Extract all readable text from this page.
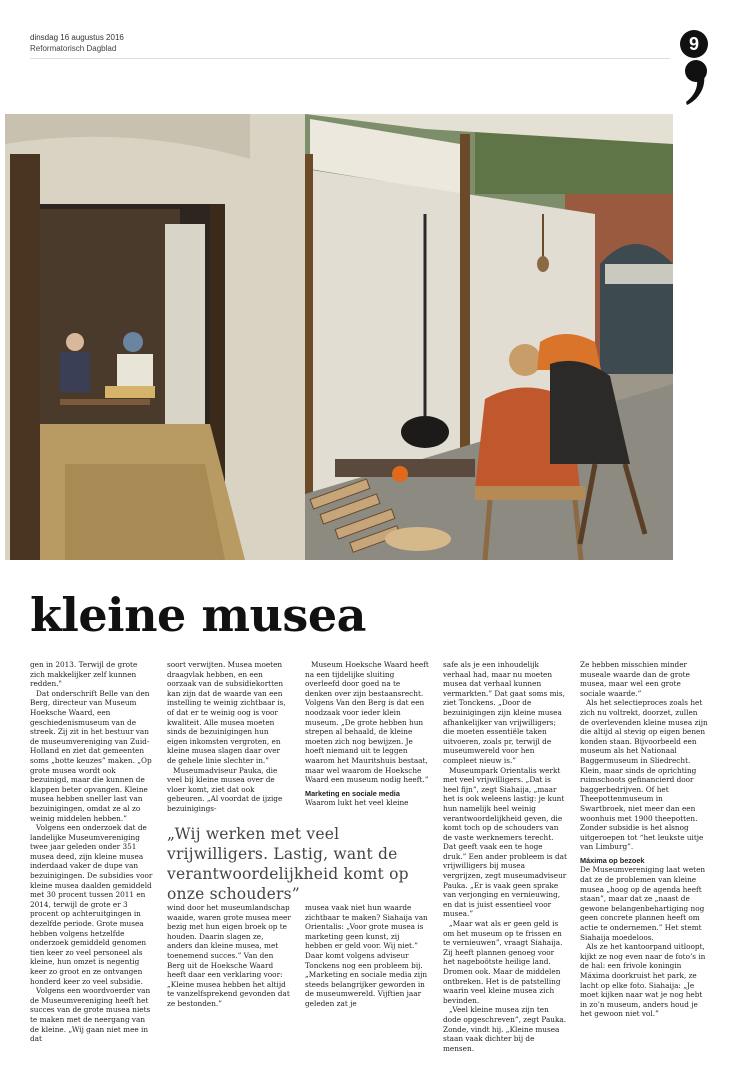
dinsdag 16 augustus 2016
Reformatorisch Dagblad	9
kleine musea

gen in 2013. Terwijl de grote zich makkelijker zelf kunnen redden."

Dat onderschrift Belle van den Berg, directeur van Museum Hoeksche Waard, een geschiedenismuseum van de streek. Zij zit in het bestuur van de museumvereniging van Zuid-Holland en ziet dat gemeenten soms „botte keuzes” maken. „Op grote musea wordt ook bezuinigd, maar die kunnen de klappen beter opvangen. Kleine musea hebben sneller last van bezuinigingen, omdat ze al zo weinig middelen hebben.”

Volgens een onderzoek dat de landelijke Museumvereniging twee jaar geleden onder 351 musea deed, zijn kleine musea inderdaad vaker de dupe van bezuinigingen. De subsidies voor kleine musea daalden gemiddeld met 30 procent tussen 2011 en 2014, terwijl de grote er 3 procent op achteruitgingen in dezelfde periode. Grote musea hebben volgens hetzelfde onderzoek gemiddeld genomen tien keer zo veel personeel als kleine, hun omzet is negentig keer zo groot en ze ontvangen honderd keer zo veel subsidie.

Volgens een woordvoerder van de Museumvereniging heeft het succes van de grote musea niets te maken met de neergang van de kleine. „Wij gaan niet mee in dat

soort verwijten. Musea moeten draagvlak hebben, en een oorzaak van de subsidiekortten kan zijn dat de waarde van een instelling te weinig zichtbaar is, of dat er te weinig oog is voor kwaliteit. Alle musea moeten sinds de bezuinigingen hun eigen inkomsten vergroten, en kleine musea slagen daar over de gehele linie slechter in.”

Museumadviseur Pauka, die veel bij kleine musea over de vloer komt, ziet dat ook gebeuren. „Al voordat de ijzige bezuinigings-

Museum Hoeksche Waard heeft na een tijdelijke sluiting overleefd door goed na te denken over zijn bestaansrecht. Volgens Van den Berg is dat een noodzaak voor ieder klein museum. „De grote hebben hun strepen al behaald, de kleine moeten zich nog bewijzen. Je hoeft niemand uit te leggen waarom het Mauritshuis bestaat, maar wel waarom de Hoeksche Waard een museum nodig heeft.”

Marketing en sociale media

Waarom lukt het veel kleine

„Wij werken met veel vrijwilligers. Lastig, want de verantwoordelijkheid komt op onze schouders”

wind door het museumlandschap waaide, waren grote musea meer bezig met hun eigen broek op te houden. Daarin slagen ze, anders dan kleine musea, met toenemend succes.” Van den Berg uit de Hoeksche Waard heeft daar een verklaring voor: „Kleine musea hebben het altijd te vanzelfsprekend gevonden dat ze bestonden.”

musea vaak niet hun waarde zichtbaar te maken? Siahaija van Orientalis: „Voor grote musea is marketing geen kunst, zij hebben er geld voor. Wij niet.” Daar komt volgens adviseur Tonckens nog een probleem bij. „Marketing en sociale media zijn steeds belangrijker geworden in de museumwereld. Vijftien jaar geleden zat je

safe als je een inhoudelijk verhaal had, maar nu moeten musea dat verhaal kunnen vermarkten.” Dat gaat soms mis, ziet Tonckens. „Door de bezuinigingen zijn kleine musea afhankelijker van vrijwilligers; die moeten essentiële taken uitvoeren, zoals pr, terwijl de museumwereld voor hen compleet nieuw is.”

Museumpark Orientalis werkt met veel vrijwilligers. „Dat is heel fijn”, zegt Siahaija, „maar het is ook weleens lastig: je kunt hun namelijk heel weinig verantwoordelijkheid geven, die komt toch op de schouders van de vaste werknemers terecht. Dat geeft vaak een te hoge druk.” Een ander probleem is dat vrijwilligers bij musea vergrijzen, zegt museumadviseur Pauka. „Er is vaak geen sprake van verjonging en vernieuwing, en dat is juist essentieel voor musea.”

„Maar wat als er geen geld is om het museum op te frissen en te vernieuwen”, vraagt Siahaija. Zij heeft plannen genoeg voor het nageboötste heilige land. Dromen ook. Maar de middelen ontbreken. Het is de patstelling waarin veel kleine musea zich bevinden.

„Veel kleine musea zijn ten dode opgeschreven”, zegt Pauka. Zonde, vindt hij. „Kleine musea staan vaak dichter bij de mensen.

Ze hebben misschien minder museale waarde dan de grote musea, maar wel een grote sociale waarde.”

Als het selectieproces zoals het zich nu voltrekt, doorzet, zullen de overlevenden kleine musea zijn die altijd al stevig op eigen benen konden staan. Bijvoorbeeld een museum als het Nationaal Baggermuseum in Sliedrecht. Klein, maar sinds de oprichting ruimschoots gefinancierd door baggerbedrijven. Of het Theepottenmuseum in Swartbroek, niet meer dan een woonhuis met 1900 theepotten. Zonder subsidie is het alsnog uitgeroepen tot “het leukste uitje van Limburg”.

Máxima op bezoek

De Museumvereniging laat weten dat ze de problemen van kleine musea „hoog op de agenda heeft staan”, maar dat ze „naast de gewone belangenbehartiging nog geen concrete plannen heeft om actie te ondernemen.” Het stemt Siahaija moedeloos.

Als ze het kantoorpand uitloopt, kijkt ze nog even naar de foto’s in de hal: een frivole koningin Máxima doorkruist het park, ze lacht op elke foto. Siahaija: „Je moet kijken naar wat je nog hebt in zo’n museum, anders houd je het gewoon niet vol.”
